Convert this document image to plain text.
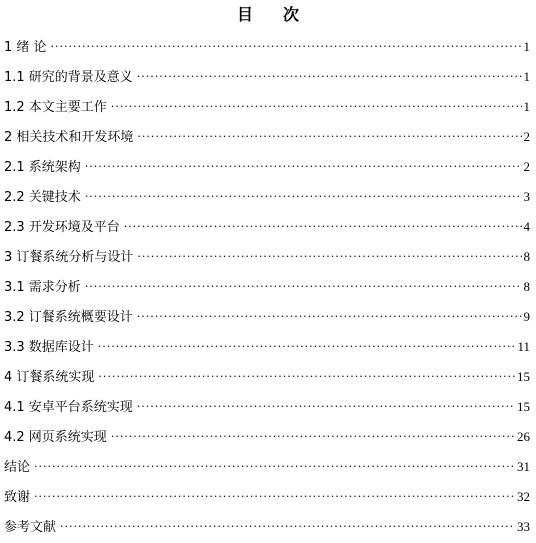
目 次
1 绪 论 ·····	1
1.1 研究的背景及意义 ·····	1
1.2 本文主要工作 ·····	1
2 相关技术和开发环境 ·····	2
2.1 系统架构 ·····	2
2.2 关键技术 ·····	3
2.3 开发环境及平台 ·····	4
3 订餐系统分析与设计 ·····	8
3.1 需求分析 ·····	8
3.2 订餐系统概要设计 ·····	9
3.3 数据库设计 ·····	11
4 订餐系统实现 ·····	15
4.1 安卓平台系统实现 ·····	15
4.2 网页系统实现 ·····	26
结论 ·····	31
致谢 ·····	32
参考文献 ·····	33
